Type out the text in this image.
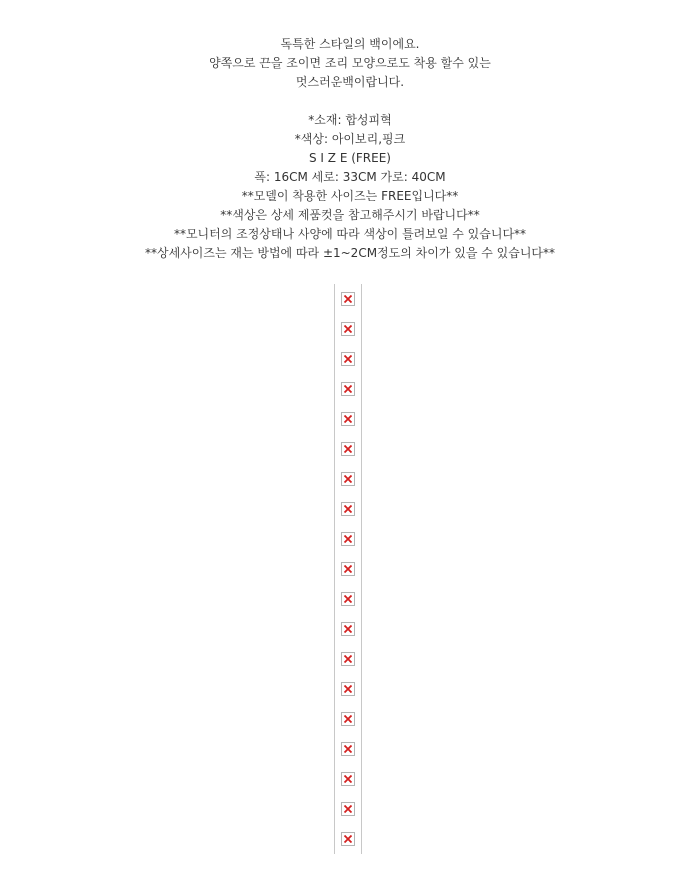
독특한 스타일의 백이에요.
양쪽으로 끈을 조이면 조리 모양으로도 착용 할수 있는
멋스러운백이랍니다.
*소재: 합성피혁
*색상: 아이보리,핑크
S I Z E (FREE)
폭: 16CM 세로: 33CM 가로: 40CM
**모델이 착용한 사이즈는 FREE입니다**
**색상은 상세 제품컷을 참고해주시기 바랍니다**
**모니터의 조정상태나 사양에 따라 색상이 틀려보일 수 있습니다**
**상세사이즈는 재는 방법에 따라 ±1~2CM정도의 차이가 있을 수 있습니다**
